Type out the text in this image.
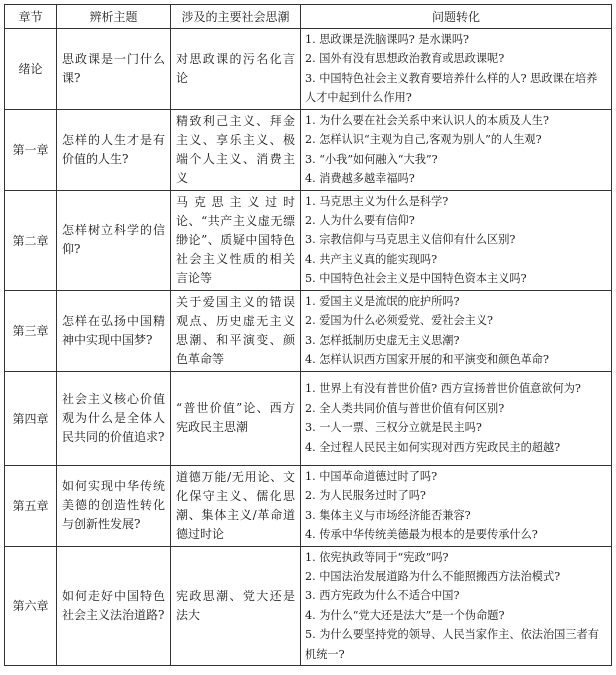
章节	辨析主题	涉及的主要社会思潮	问题转化
绪论	思政课是一门什么课?	对思政课的污名化言论	1. 思政课是洗脑课吗? 是水课吗?
2. 国外有没有思想政治教育或思政课呢?
3. 中国特色社会主义教育要培养什么样的人? 思政课在培养人才中起到什么作用?

第一章	怎样的人生才是有价值的人生?	精致利己主义、拜金主义、享乐主义、极端个人主义、消费主义	1. 为什么要在社会关系中来认识人的本质及人生?
2. 怎样认识“主观为自己,客观为别人”的人生观?
3. “小我”如何融入“大我”?
4. 消费越多越幸福吗?

第二章	怎样树立科学的信仰?	马克思主义过时论、“共产主义虚无缥缈论”、质疑中国特色社会主义性质的相关言论等	1. 马克思主义为什么是科学?
2. 人为什么要有信仰?
3. 宗教信仰与马克思主义信仰有什么区别?
4. 共产主义真的能实现吗?
5. 中国特色社会主义是中国特色资本主义吗?

第三章	怎样在弘扬中国精神中实现中国梦?	关于爱国主义的错误观点、历史虚无主义思潮、和平演变、颜色革命等	1. 爱国主义是流氓的庇护所吗?
2. 爱国为什么必须爱党、爱社会主义?
3. 怎样抵制历史虚无主义思潮?
4. 怎样认识西方国家开展的和平演变和颜色革命?

第四章	社会主义核心价值观为什么是全体人民共同的价值追求?	“普世价值”论、西方宪政民主思潮	1. 世界上有没有普世价值? 西方宣扬普世价值意欲何为?
2. 全人类共同价值与普世价值有何区别?
3. 一人一票、三权分立就是民主吗?
4. 全过程人民民主如何实现对西方宪政民主的超越?

第五章	如何实现中华传统美德的创造性转化与创新性发展?	道德万能/无用论、文化保守主义、儒化思潮、集体主义/革命道德过时论	1. 中国革命道德过时了吗?
2. 为人民服务过时了吗?
3. 集体主义与市场经济能否兼容?
4. 传承中华传统美德最为根本的是要传承什么?

第六章	如何走好中国特色社会主义法治道路?	宪政思潮、党大还是法大	1. 依宪执政等同于“宪政”吗?
2. 中国法治发展道路为什么不能照搬西方法治模式?
3. 西方宪政为什么不适合中国?
4. 为什么“党大还是法大”是一个伪命题?
5. 为什么要坚持党的领导、人民当家作主、依法治国三者有机统一?
